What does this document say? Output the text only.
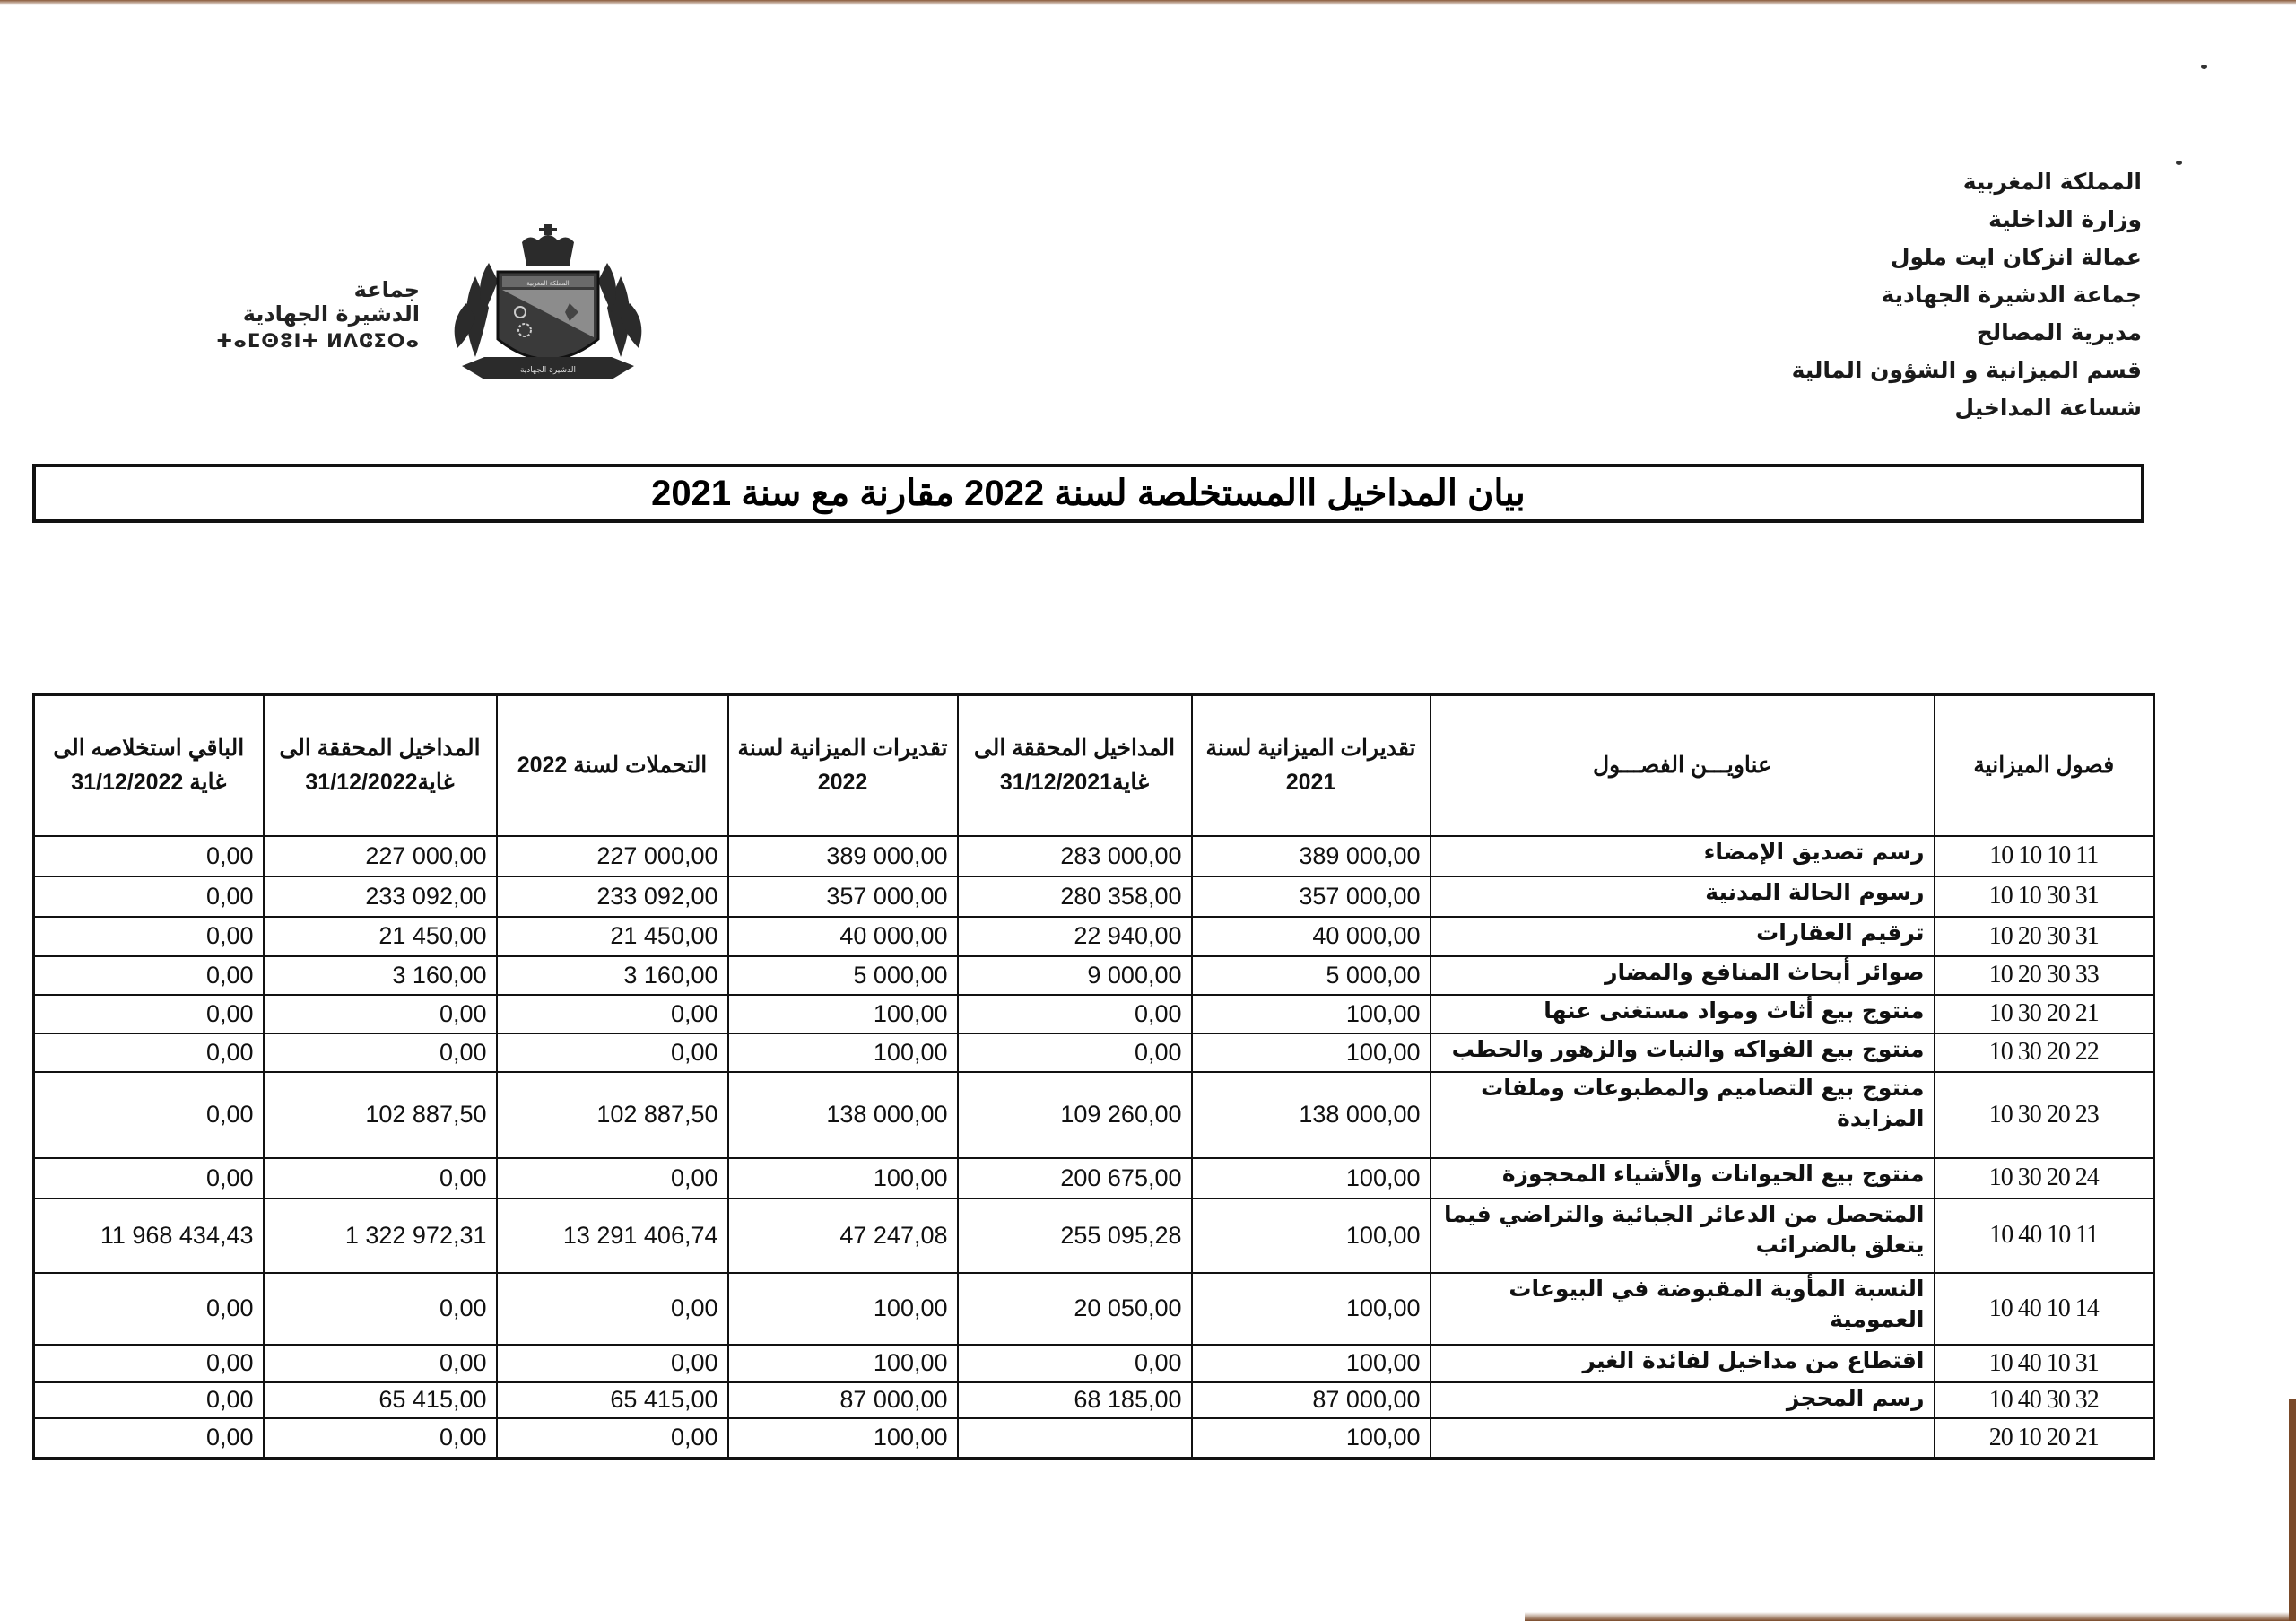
المملكة المغربية
وزارة الداخلية
عمالة انزكان ايت ملول
جماعة الدشيرة الجهادية
مديرية المصالح
قسم الميزانية و الشؤون المالية
شساعة المداخيل
جماعة
الدشيرة الجهادية
ⵜⴰⵎⵙⵓⵏⵜ ⵍⴷⵛⵉⵔⴰ
المملكة المغربية
الدشيرة الجهادية
بيان المداخيل االمستخلصة لسنة 2022 مقارنة مع سنة 2021
الباقي استخلاصه الى غاية 31/12/2022	المداخيل المحققة الى غاية31/12/2022	التحملات لسنة 2022	تقديرات الميزانية لسنة 2022	المداخيل المحققة الى غاية31/12/2021	تقديرات الميزانية لسنة 2021	عناويـــن الفصـــول	فصول الميزانية
0,00	227 000,00	227 000,00	389 000,00	283 000,00	389 000,00	رسم تصديق الإمضاء	10 10 10 11
0,00	233 092,00	233 092,00	357 000,00	280 358,00	357 000,00	رسوم الحالة المدنية	10 10 30 31
0,00	21 450,00	21 450,00	40 000,00	22 940,00	40 000,00	ترقيم العقارات	10 20 30 31
0,00	3 160,00	3 160,00	5 000,00	9 000,00	5 000,00	صوائر أبحاث المنافع والمضار	10 20 30 33
0,00	0,00	0,00	100,00	0,00	100,00	منتوج بيع أثاث ومواد مستغنى عنها	10 30 20 21
0,00	0,00	0,00	100,00	0,00	100,00	منتوج بيع الفواكه والنبات والزهور والحطب	10 30 20 22
0,00	102 887,50	102 887,50	138 000,00	109 260,00	138 000,00	منتوج بيع التصاميم والمطبوعات وملفات المزايدة	10 30 20 23
0,00	0,00	0,00	100,00	200 675,00	100,00	منتوج بيع الحيوانات والأشياء المحجوزة	10 30 20 24
11 968 434,43	1 322 972,31	13 291 406,74	47 247,08	255 095,28	100,00	المتحصل من الدعائر الجبائية والتراضي فيما يتعلق بالضرائب	10 40 10 11
0,00	0,00	0,00	100,00	20 050,00	100,00	النسبة المأوية المقبوضة في البيوعات العمومية	10 40 10 14
0,00	0,00	0,00	100,00	0,00	100,00	اقتطاع من مداخيل لفائدة الغير	10 40 10 31
0,00	65 415,00	65 415,00	87 000,00	68 185,00	87 000,00	رسم المحجز	10 40 30 32
0,00	0,00	0,00	100,00		100,00		20 10 20 21
